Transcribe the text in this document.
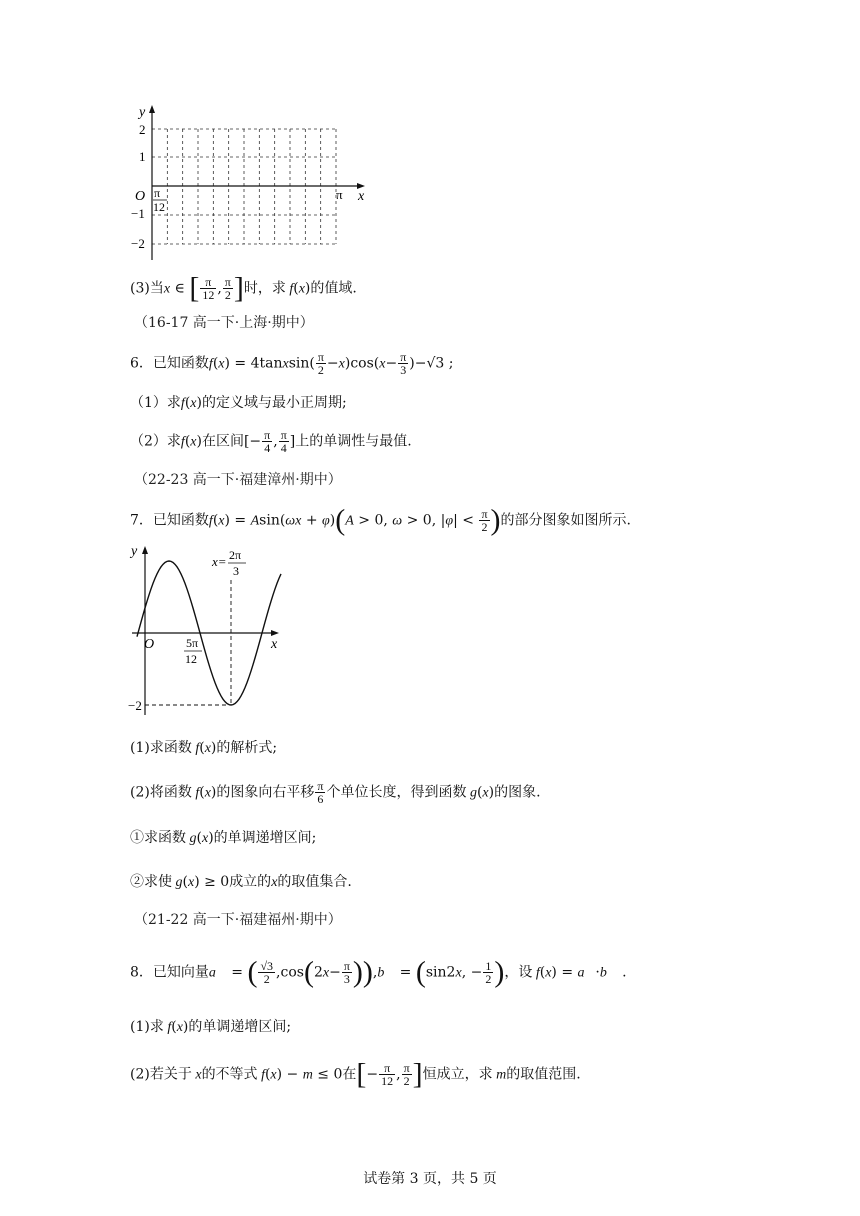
y
x
O
2
1
−1
−2
π
12
π
(3)当x ∈ [ $\frac{\pi}{12}$ , $\frac{\pi}{2}$ ]时，求 f(x)的值域.
（16-17 高一下·上海·期中）
6．已知函数f(x) = 4tanxsin( $\frac{\pi}{2} -x)\cos(x- \frac{\pi}{3} )-√3$ ;
（1）求f(x)的定义域与最小正周期;
（2）求f(x)在区间[− $\frac{\pi}{4}$ , $\frac{\pi}{4}$ ]上的单调性与最值.
（22-23 高一下·福建漳州·期中）
7．已知函数f(x) = Asin(ωx + φ)(A > 0, ω > 0, $|\varphi| < \frac{\pi}{2}$ )的部分图象如图所示.
y
x
O
x= 2π
3
5π
12
−2
(1)求函数 f(x)的解析式;
(2)将函数 f(x)的图象向右平移 $\frac{\pi}{6}$ 个单位长度，得到函数 g(x)的图象.
①求函数 g(x)的单调递增区间;
②求使 g(x) ≥ 0成立的x的取值集合.
（21-22 高一下·福建福州·期中）
8．已知向量a⃗ = ( $\frac{√3}{2} ,\cos(2x- \frac{\pi}{3}$ )),b⃗ = (sin2x, − $\frac{1}{2}$ )，设 f(x) = a⃗·b⃗ .
(1)求 f(x)的单调递增区间;
(2)若关于 x的不等式 f(x) − m ≤ 0在[− $\frac{\pi}{12}$ , $\frac{\pi}{2}$ ]恒成立，求 m的取值范围.
试卷第 3 页，共 5 页
